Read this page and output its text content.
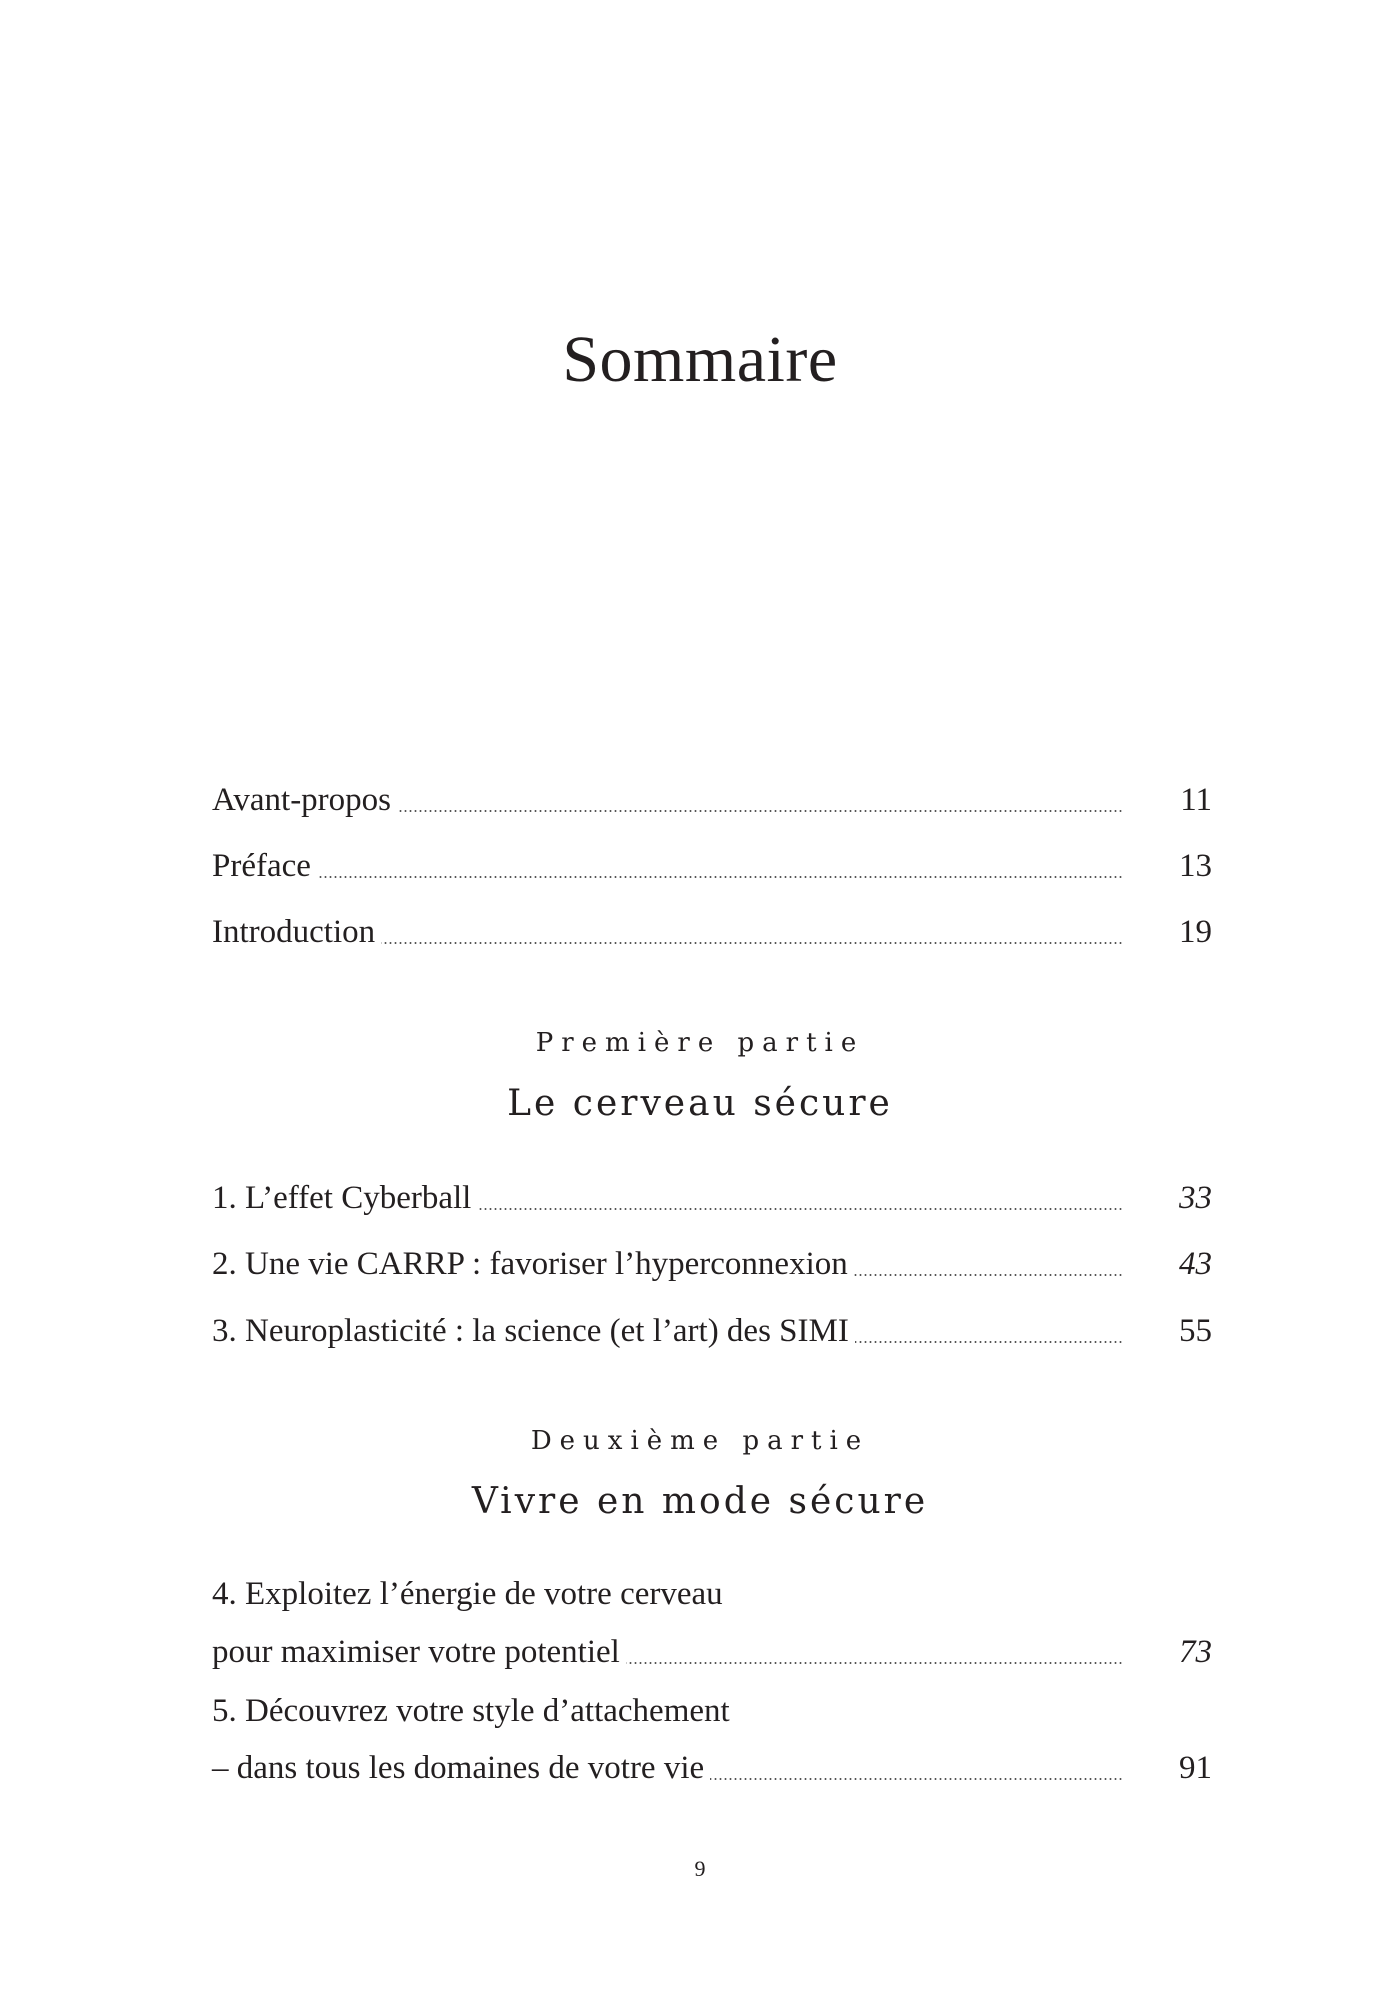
Sommaire
Avant-propos	11
Préface	13
Introduction	19
Première partie
Le cerveau sécure
1. L’effet Cyberball	33
2. Une vie CARRP : favoriser l’hyperconnexion	43
3. Neuroplasticité : la science (et l’art) des SIMI	55
Deuxième partie
Vivre en mode sécure
4. Exploitez l’énergie de votre cerveau
pour maximiser votre potentiel	73
5. Découvrez votre style d’attachement
– dans tous les domaines de votre vie	91
9
